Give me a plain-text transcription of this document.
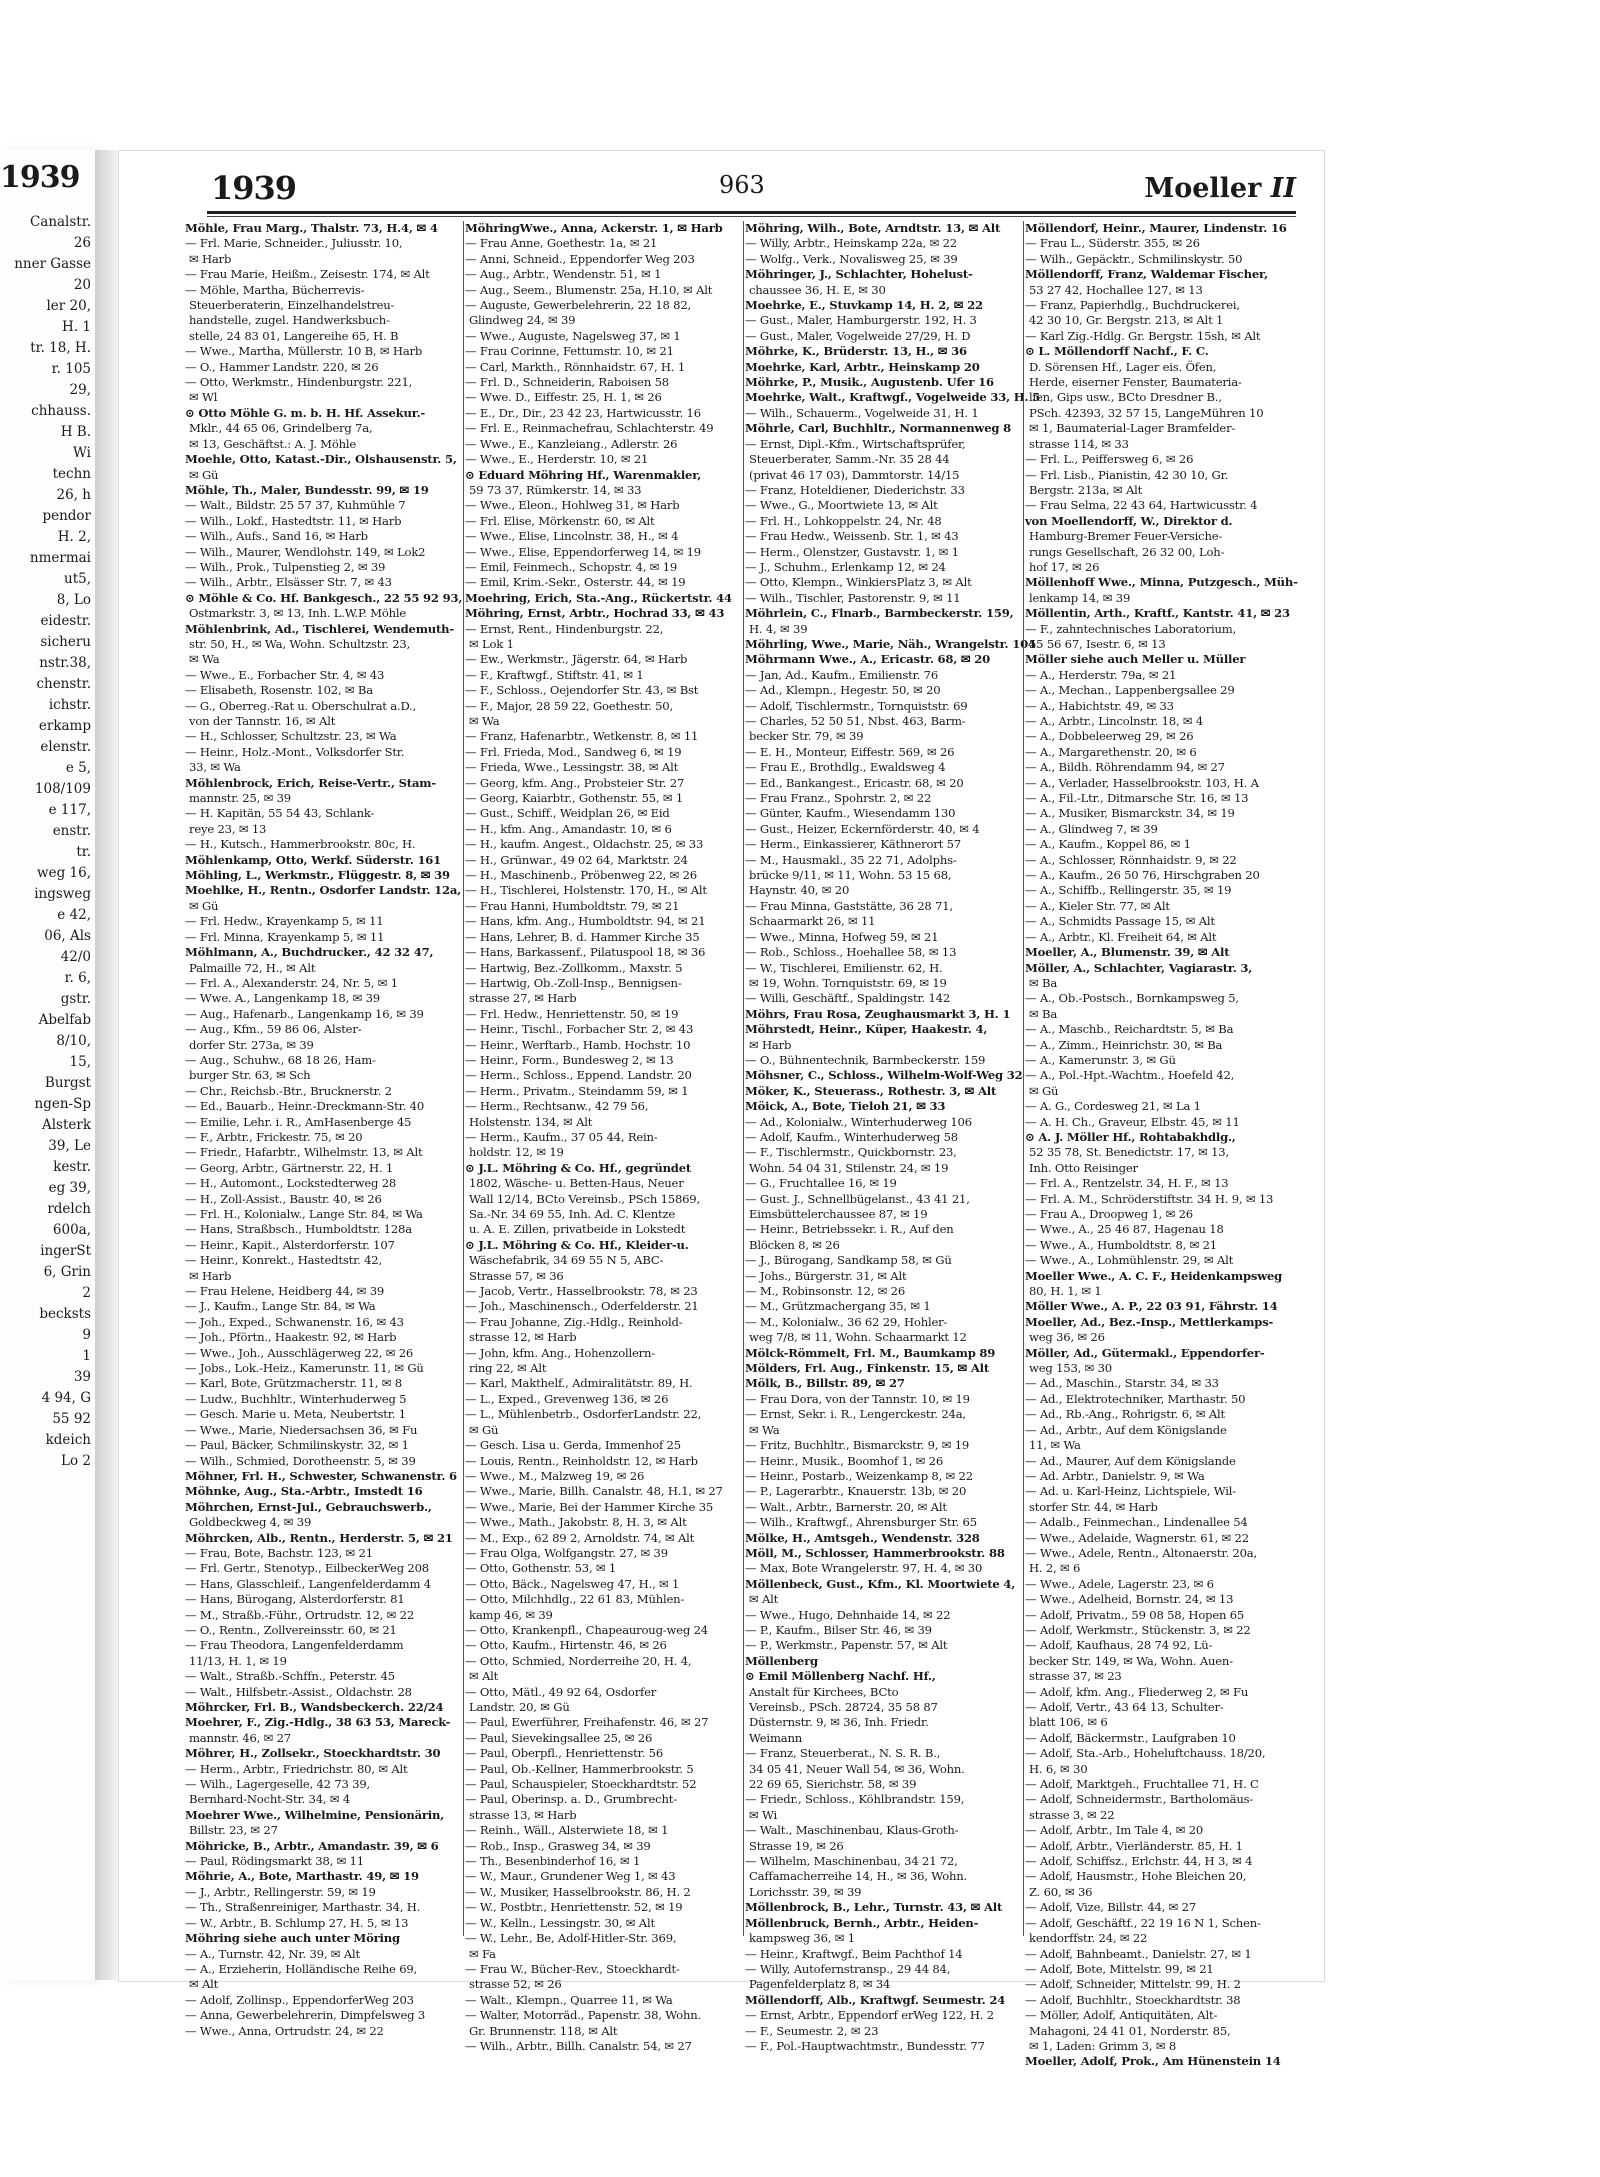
1939
Canalstr.
26
nner Gasse
20
ler 20,
H. 1
tr. 18, H.
r. 105
29,
chhauss.
H B.
Wi
techn
26, h
pendor
H. 2,
nmermai
ut5,
8, Lo
eidestr.
sicheru
nstr.38,
chenstr.
ichstr.
erkamp
elenstr.
e 5,
108/109
e 117,
enstr.
tr.
weg 16,
ingsweg
e 42,
06, Als
42/0
r. 6,
gstr.
Abelfab
8/10,
15,
Burgst
ngen-Sp
Alsterk
39, Le
kestr.
eg 39,
rdelch
600a,
ingerSt
6, Grin
2
becksts
9
1
39
4 94, G
55 92
kdeich
Lo 2
1939	963	Moeller II
Möhle, Frau Marg., Thalstr. 73, H.4, ✉ 4
— Frl. Marie, Schneider., Juliusstr. 10,
✉ Harb
— Frau Marie, Heißm., Zeisestr. 174, ✉ Alt
— Möhle, Martha, Bücherrevis-
Steuerberaterin, Einzelhandelstreu-
handstelle, zugel. Handwerksbuch-
stelle, 24 83 01, Langereihe 65, H. B
— Wwe., Martha, Müllerstr. 10 B, ✉ Harb
— O., Hammer Landstr. 220, ✉ 26
— Otto, Werkmstr., Hindenburgstr. 221,
✉ Wl
⊙ Otto Möhle G. m. b. H. Hf. Assekur.-
Mklr., 44 65 06, Grindelberg 7a,
✉ 13, Geschäftst.: A. J. Möhle
Moehle, Otto, Katast.-Dir., Olshausenstr. 5,
✉ Gü
Möhle, Th., Maler, Bundesstr. 99, ✉ 19
— Walt., Bildstr. 25 57 37, Kuhmühle 7
— Wilh., Lokf., Hastedtstr. 11, ✉ Harb
— Wilh., Aufs., Sand 16, ✉ Harb
— Wilh., Maurer, Wendlohstr. 149, ✉ Lok2
— Wilh., Prok., Tulpenstieg 2, ✉ 39
— Wilh., Arbtr., Elsässer Str. 7, ✉ 43
⊙ Möhle & Co. Hf. Bankgesch., 22 55 92 93,
Ostmarkstr. 3, ✉ 13, Inh. L.W.P. Möhle
Möhlenbrink, Ad., Tischlerei, Wendemuth-
str. 50, H., ✉ Wa, Wohn. Schultzstr. 23,
✉ Wa
— Wwe., E., Forbacher Str. 4, ✉ 43
— Elisabeth, Rosenstr. 102, ✉ Ba
— G., Oberreg.-Rat u. Oberschulrat a.D.,
von der Tannstr. 16, ✉ Alt
— H., Schlosser, Schultzstr. 23, ✉ Wa
— Heinr., Holz.-Mont., Volksdorfer Str.
33, ✉ Wa
Möhlenbrock, Erich, Reise-Vertr., Stam-
mannstr. 25, ✉ 39
— H. Kapitän, 55 54 43, Schlank-
reye 23, ✉ 13
— H., Kutsch., Hammerbrookstr. 80c, H.
Möhlenkamp, Otto, Werkf. Süderstr. 161
Möhling, L., Werkmstr., Flüggestr. 8, ✉ 39
Moehlke, H., Rentn., Osdorfer Landstr. 12a,
✉ Gü
— Frl. Hedw., Krayenkamp 5, ✉ 11
— Frl. Minna, Krayenkamp 5, ✉ 11
Möhlmann, A., Buchdrucker., 42 32 47,
Palmaille 72, H., ✉ Alt
— Frl. A., Alexanderstr. 24, Nr. 5, ✉ 1
— Wwe. A., Langenkamp 18, ✉ 39
— Aug., Hafenarb., Langenkamp 16, ✉ 39
— Aug., Kfm., 59 86 06, Alster-
dorfer Str. 273a, ✉ 39
— Aug., Schuhw., 68 18 26, Ham-
burger Str. 63, ✉ Sch
— Chr., Reichsb.-Btr., Brucknerstr. 2
— Ed., Bauarb., Heinr.-Dreckmann-Str. 40
— Emilie, Lehr. i. R., AmHasenberge 45
— F., Arbtr., Frickestr. 75, ✉ 20
— Friedr., Hafarbtr., Wilhelmstr. 13, ✉ Alt
— Georg, Arbtr., Gärtnerstr. 22, H. 1
— H., Automont., Lockstedterweg 28
— H., Zoll-Assist., Baustr. 40, ✉ 26
— Frl. H., Kolonialw., Lange Str. 84, ✉ Wa
— Hans, Straßbsch., Humboldtstr. 128a
— Heinr., Kapit., Alsterdorferstr. 107
— Heinr., Konrekt., Hastedtstr. 42,
✉ Harb
— Frau Helene, Heidberg 44, ✉ 39
— J., Kaufm., Lange Str. 84, ✉ Wa
— Joh., Exped., Schwanenstr. 16, ✉ 43
— Joh., Pförtn., Haakestr. 92, ✉ Harb
— Wwe., Joh., Ausschlägerweg 22, ✉ 26
— Jobs., Lok.-Heiz., Kamerunstr. 11, ✉ Gü
— Karl, Bote, Grützmacherstr. 11, ✉ 8
— Ludw., Buchhltr., Winterhuderweg 5
— Gesch. Marie u. Meta, Neubertstr. 1
— Wwe., Marie, Niedersachsen 36, ✉ Fu
— Paul, Bäcker, Schmilinskystr. 32, ✉ 1
— Wilh., Schmied, Dorotheenstr. 5, ✉ 39
Möhner, Frl. H., Schwester, Schwanenstr. 6
Möhnke, Aug., Sta.-Arbtr., Imstedt 16
Möhrchen, Ernst-Jul., Gebrauchswerb.,
Goldbeckweg 4, ✉ 39
Möhrcken, Alb., Rentn., Herderstr. 5, ✉ 21
— Frau, Bote, Bachstr. 123, ✉ 21
— Frl. Gertr., Stenotyp., EilbeckerWeg 208
— Hans, Glasschleif., Langenfelderdamm 4
— Hans, Bürogang, Alsterdorferstr. 81
— M., Straßb.-Führ., Ortrudstr. 12, ✉ 22
— O., Rentn., Zollvereinsstr. 60, ✉ 21
— Frau Theodora, Langenfelderdamm
11/13, H. 1, ✉ 19
— Walt., Straßb.-Schffn., Peterstr. 45
— Walt., Hilfsbetr.-Assist., Oldachstr. 28
Möhrcker, Frl. B., Wandsbeckerch. 22/24
Moehrer, F., Zig.-Hdlg., 38 63 53, Mareck-
mannstr. 46, ✉ 27
Möhrer, H., Zollsekr., Stoeckhardtstr. 30
— Herm., Arbtr., Friedrichstr. 80, ✉ Alt
— Wilh., Lagergeselle, 42 73 39,
Bernhard-Nocht-Str. 34, ✉ 4
Moehrer Wwe., Wilhelmine, Pensionärin,
Billstr. 23, ✉ 27
Möhricke, B., Arbtr., Amandastr. 39, ✉ 6
— Paul, Rödingsmarkt 38, ✉ 11
Möhrie, A., Bote, Marthastr. 49, ✉ 19
— J., Arbtr., Rellingerstr. 59, ✉ 19
— Th., Straßenreiniger, Marthastr. 34, H.
— W., Arbtr., B. Schlump 27, H. 5, ✉ 13
Möhring siehe auch unter Möring
— A., Turnstr. 42, Nr. 39, ✉ Alt
— A., Erzieherin, Holländische Reihe 69,
✉ Alt
— Adolf, Zollinsp., EppendorferWeg 203
— Anna, Gewerbelehrerin, Dimpfelsweg 3
— Wwe., Anna, Ortrudstr. 24, ✉ 22
MöhringWwe., Anna, Ackerstr. 1, ✉ Harb
— Frau Anne, Goethestr. 1a, ✉ 21
— Anni, Schneid., Eppendorfer Weg 203
— Aug., Arbtr., Wendenstr. 51, ✉ 1
— Aug., Seem., Blumenstr. 25a, H.10, ✉ Alt
— Auguste, Gewerbelehrerin, 22 18 82,
Glindweg 24, ✉ 39
— Wwe., Auguste, Nagelsweg 37, ✉ 1
— Frau Corinne, Fettumstr. 10, ✉ 21
— Carl, Markth., Rönnhaidstr. 67, H. 1
— Frl. D., Schneiderin, Raboisen 58
— Wwe. D., Eiffestr. 25, H. 1, ✉ 26
— E., Dr., Dir., 23 42 23, Hartwicusstr. 16
— Frl. E., Reinmachefrau, Schlachterstr. 49
— Wwe., E., Kanzleiang., Adlerstr. 26
— Wwe., E., Herderstr. 10, ✉ 21
⊙ Eduard Möhring Hf., Warenmakler,
59 73 37, Rümkerstr. 14, ✉ 33
— Wwe., Eleon., Hohlweg 31, ✉ Harb
— Frl. Elise, Mörkenstr. 60, ✉ Alt
— Wwe., Elise, Lincolnstr. 38, H., ✉ 4
— Wwe., Elise, Eppendorferweg 14, ✉ 19
— Emil, Feinmech., Schopstr. 4, ✉ 19
— Emil, Krim.-Sekr., Osterstr. 44, ✉ 19
Moehring, Erich, Sta.-Ang., Rückertstr. 44
Möhring, Ernst, Arbtr., Hochrad 33, ✉ 43
— Ernst, Rent., Hindenburgstr. 22,
✉ Lok 1
— Ew., Werkmstr., Jägerstr. 64, ✉ Harb
— F., Kraftwgf., Stiftstr. 41, ✉ 1
— F., Schloss., Oejendorfer Str. 43, ✉ Bst
— F., Major, 28 59 22, Goethestr. 50,
✉ Wa
— Franz, Hafenarbtr., Wetkenstr. 8, ✉ 11
— Frl. Frieda, Mod., Sandweg 6, ✉ 19
— Frieda, Wwe., Lessingstr. 38, ✉ Alt
— Georg, kfm. Ang., Probsteier Str. 27
— Georg, Kaiarbtr., Gothenstr. 55, ✉ 1
— Gust., Schiff., Weidplan 26, ✉ Eid
— H., kfm. Ang., Amandastr. 10, ✉ 6
— H., kaufm. Angest., Oldachstr. 25, ✉ 33
— H., Grünwar., 49 02 64, Marktstr. 24
— H., Maschinenb., Pröbenweg 22, ✉ 26
— H., Tischlerei, Holstenstr. 170, H., ✉ Alt
— Frau Hanni, Humboldtstr. 79, ✉ 21
— Hans, kfm. Ang., Humboldtstr. 94, ✉ 21
— Hans, Lehrer, B. d. Hammer Kirche 35
— Hans, Barkassenf., Pilatuspool 18, ✉ 36
— Hartwig, Bez.-Zollkomm., Maxstr. 5
— Hartwig, Ob.-Zoll-Insp., Bennigsen-
strasse 27, ✉ Harb
— Frl. Hedw., Henriettenstr. 50, ✉ 19
— Heinr., Tischl., Forbacher Str. 2, ✉ 43
— Heinr., Werftarb., Hamb. Hochstr. 10
— Heinr., Form., Bundesweg 2, ✉ 13
— Herm., Schloss., Eppend. Landstr. 20
— Herm., Privatm., Steindamm 59, ✉ 1
— Herm., Rechtsanw., 42 79 56,
Holstenstr. 134, ✉ Alt
— Herm., Kaufm., 37 05 44, Rein-
holdstr. 12, ✉ 19
⊙ J.L. Möhring & Co. Hf., gegründet
1802, Wäsche- u. Betten-Haus, Neuer
Wall 12/14, BCto Vereinsb., PSch 15869,
Sa.-Nr. 34 69 55, Inh. Ad. C. Klentze
u. A. E. Zillen, privatbeide in Lokstedt
⊙ J.L. Möhring & Co. Hf., Kleider-u.
Wäschefabrik, 34 69 55 N 5, ABC-
Strasse 57, ✉ 36
— Jacob, Vertr., Hasselbrookstr. 78, ✉ 23
— Joh., Maschinensch., Oderfelderstr. 21
— Frau Johanne, Zig.-Hdlg., Reinhold-
strasse 12, ✉ Harb
— John, kfm. Ang., Hohenzollern-
ring 22, ✉ Alt
— Karl, Makthelf., Admiralitätstr. 89, H.
— L., Exped., Grevenweg 136, ✉ 26
— L., Mühlenbetrb., OsdorferLandstr. 22,
✉ Gü
— Gesch. Lisa u. Gerda, Immenhof 25
— Louis, Rentn., Reinholdstr. 12, ✉ Harb
— Wwe., M., Malzweg 19, ✉ 26
— Wwe., Marie, Billh. Canalstr. 48, H.1, ✉ 27
— Wwe., Marie, Bei der Hammer Kirche 35
— Wwe., Math., Jakobstr. 8, H. 3, ✉ Alt
— M., Exp., 62 89 2, Arnoldstr. 74, ✉ Alt
— Frau Olga, Wolfgangstr. 27, ✉ 39
— Otto, Gothenstr. 53, ✉ 1
— Otto, Bäck., Nagelsweg 47, H., ✉ 1
— Otto, Milchhdlg., 22 61 83, Mühlen-
kamp 46, ✉ 39
— Otto, Krankenpfl., Chapeauroug-weg 24
— Otto, Kaufm., Hirtenstr. 46, ✉ 26
— Otto, Schmied, Norderreihe 20, H. 4,
✉ Alt
— Otto, Mätl., 49 92 64, Osdorfer
Landstr. 20, ✉ Gü
— Paul, Ewerführer, Freihafenstr. 46, ✉ 27
— Paul, Sievekingsallee 25, ✉ 26
— Paul, Oberpfl., Henriettenstr. 56
— Paul, Ob.-Kellner, Hammerbrookstr. 5
— Paul, Schauspieler, Stoeckhardtstr. 52
— Paul, Oberinsp. a. D., Grumbrecht-
strasse 13, ✉ Harb
— Reinh., Wäll., Alsterwiete 18, ✉ 1
— Rob., Insp., Grasweg 34, ✉ 39
— Th., Besenbinderhof 16, ✉ 1
— W., Maur., Grundener Weg 1, ✉ 43
— W., Musiker, Hasselbrookstr. 86, H. 2
— W., Postbtr., Henriettenstr. 52, ✉ 19
— W., Kelln., Lessingstr. 30, ✉ Alt
— W., Lehr., Be, Adolf-Hitler-Str. 369,
✉ Fa
— Frau W., Bücher-Rev., Stoeckhardt-
strasse 52, ✉ 26
— Walt., Klempn., Quarree 11, ✉ Wa
— Walter, Motorräd., Papenstr. 38, Wohn.
Gr. Brunnenstr. 118, ✉ Alt
— Wilh., Arbtr., Billh. Canalstr. 54, ✉ 27
Möhring, Wilh., Bote, Arndtstr. 13, ✉ Alt
— Willy, Arbtr., Heinskamp 22a, ✉ 22
— Wolfg., Verk., Novalisweg 25, ✉ 39
Möhringer, J., Schlachter, Hohelust-
chaussee 36, H. E, ✉ 30
Moehrke, E., Stuvkamp 14, H. 2, ✉ 22
— Gust., Maler, Hamburgerstr. 192, H. 3
— Gust., Maler, Vogelweide 27/29, H. D
Möhrke, K., Brüderstr. 13, H., ✉ 36
Moehrke, Karl, Arbtr., Heinskamp 20
Möhrke, P., Musik., Augustenb. Ufer 16
Moehrke, Walt., Kraftwgf., Vogelweide 33, H. 5
— Wilh., Schauerm., Vogelweide 31, H. 1
Möhrle, Carl, Buchhltr., Normannenweg 8
— Ernst, Dipl.-Kfm., Wirtschaftsprüfer,
Steuerberater, Samm.-Nr. 35 28 44
(privat 46 17 03), Dammtorstr. 14/15
— Franz, Hoteldiener, Diederichstr. 33
— Wwe., G., Moortwiete 13, ✉ Alt
— Frl. H., Lohkoppelstr. 24, Nr. 48
— Frau Hedw., Weissenb. Str. 1, ✉ 43
— Herm., Olenstzer, Gustavstr. 1, ✉ 1
— J., Schuhm., Erlenkamp 12, ✉ 24
— Otto, Klempn., WinkiersPlatz 3, ✉ Alt
— Wilh., Tischler, Pastorenstr. 9, ✉ 11
Möhrlein, C., Flnarb., Barmbeckerstr. 159,
H. 4, ✉ 39
Möhrling, Wwe., Marie, Näh., Wrangelstr. 104
Möhrmann Wwe., A., Ericastr. 68, ✉ 20
— Jan, Ad., Kaufm., Emilienstr. 76
— Ad., Klempn., Hegestr. 50, ✉ 20
— Adolf, Tischlermstr., Tornquiststr. 69
— Charles, 52 50 51, Nbst. 463, Barm-
becker Str. 79, ✉ 39
— E. H., Monteur, Eiffestr. 569, ✉ 26
— Frau E., Brothdlg., Ewaldsweg 4
— Ed., Bankangest., Ericastr. 68, ✉ 20
— Frau Franz., Spohrstr. 2, ✉ 22
— Günter, Kaufm., Wiesendamm 130
— Gust., Heizer, Eckernförderstr. 40, ✉ 4
— Herm., Einkassierer, Käthnerort 57
— M., Hausmakl., 35 22 71, Adolphs-
brücke 9/11, ✉ 11, Wohn. 53 15 68,
Haynstr. 40, ✉ 20
— Frau Minna, Gaststätte, 36 28 71,
Schaarmarkt 26, ✉ 11
— Wwe., Minna, Hofweg 59, ✉ 21
— Rob., Schloss., Hoehallee 58, ✉ 13
— W., Tischlerei, Emilienstr. 62, H.
✉ 19, Wohn. Tornquiststr. 69, ✉ 19
— Willi, Geschäftf., Spaldingstr. 142
Möhrs, Frau Rosa, Zeughausmarkt 3, H. 1
Möhrstedt, Heinr., Küper, Haakestr. 4,
✉ Harb
— O., Bühnentechnik, Barmbeckerstr. 159
Möhsner, C., Schloss., Wilhelm-Wolf-Weg 32
Möker, K., Steuerass., Rothestr. 3, ✉ Alt
Möick, A., Bote, Tieloh 21, ✉ 33
— Ad., Kolonialw., Winterhuderweg 106
— Adolf, Kaufm., Winterhuderweg 58
— F., Tischlermstr., Quickbornstr. 23,
Wohn. 54 04 31, Stilenstr. 24, ✉ 19
— G., Fruchtallee 16, ✉ 19
— Gust. J., Schnellbügelanst., 43 41 21,
Eimsbüttelerchaussee 87, ✉ 19
— Heinr., Betriebssekr. i. R., Auf den
Blöcken 8, ✉ 26
— J., Bürogang, Sandkamp 58, ✉ Gü
— Johs., Bürgerstr. 31, ✉ Alt
— M., Robinsonstr. 12, ✉ 26
— M., Grützmachergang 35, ✉ 1
— M., Kolonialw., 36 62 29, Hohler-
weg 7/8, ✉ 11, Wohn. Schaarmarkt 12
Mölck-Römmelt, Frl. M., Baumkamp 89
Mölders, Frl. Aug., Finkenstr. 15, ✉ Alt
Mölk, B., Billstr. 89, ✉ 27
— Frau Dora, von der Tannstr. 10, ✉ 19
— Ernst, Sekr. i. R., Lengerckestr. 24a,
✉ Wa
— Fritz, Buchhltr., Bismarckstr. 9, ✉ 19
— Heinr., Musik., Boomhof 1, ✉ 26
— Heinr., Postarb., Weizenkamp 8, ✉ 22
— P., Lagerarbtr., Knauerstr. 13b, ✉ 20
— Walt., Arbtr., Barnerstr. 20, ✉ Alt
— Wilh., Kraftwgf., Ahrensburger Str. 65
Mölke, H., Amtsgeh., Wendenstr. 328
Möll, M., Schlosser, Hammerbrookstr. 88
— Max, Bote Wrangelerstr. 97, H. 4, ✉ 30
Möllenbeck, Gust., Kfm., Kl. Moortwiete 4,
✉ Alt
— Wwe., Hugo, Dehnhaide 14, ✉ 22
— P., Kaufm., Bilser Str. 46, ✉ 39
— P., Werkmstr., Papenstr. 57, ✉ Alt
Möllenberg
⊙ Emil Möllenberg Nachf. Hf.,
Anstalt für Kirchees, BCto
Vereinsb., PSch. 28724, 35 58 87
Düsternstr. 9, ✉ 36, Inh. Friedr.
Weimann
— Franz, Steuerberat., N. S. R. B.,
34 05 41, Neuer Wall 54, ✉ 36, Wohn.
22 69 65, Sierichstr. 58, ✉ 39
— Friedr., Schloss., Köhlbrandstr. 159,
✉ Wi
— Walt., Maschinenbau, Klaus-Groth-
Strasse 19, ✉ 26
— Wilhelm, Maschinenbau, 34 21 72,
Caffamacherreihe 14, H., ✉ 36, Wohn.
Lorichsstr. 39, ✉ 39
Möllenbrock, B., Lehr., Turnstr. 43, ✉ Alt
Möllenbruck, Bernh., Arbtr., Heiden-
kampsweg 36, ✉ 1
— Heinr., Kraftwgf., Beim Pachthof 14
— Willy, Autofernstransp., 29 44 84,
Pagenfelderplatz 8, ✉ 34
Möllendorff, Alb., Kraftwgf. Seumestr. 24
— Ernst, Arbtr., Eppendorf erWeg 122, H. 2
— F., Seumestr. 2, ✉ 23
— F., Pol.-Hauptwachtmstr., Bundesstr. 77
Möllendorf, Heinr., Maurer, Lindenstr. 16
— Frau L., Süderstr. 355, ✉ 26
— Wilh., Gepäcktr., Schmilinskystr. 50
Möllendorff, Franz, Waldemar Fischer,
53 27 42, Hochallee 127, ✉ 13
— Franz, Papierhdlg., Buchdruckerei,
42 30 10, Gr. Bergstr. 213, ✉ Alt 1
— Karl Zig.-Hdlg. Gr. Bergstr. 15sh, ✉ Alt
⊙ L. Möllendorff Nachf., F. C.
D. Sörensen Hf., Lager eis. Öfen,
Herde, eiserner Fenster, Baumateria-
lien, Gips usw., BCto Dresdner B.,
PSch. 42393, 32 57 15, LangeMühren 10
✉ 1, Baumaterial-Lager Bramfelder-
strasse 114, ✉ 33
— Frl. L., Peiffersweg 6, ✉ 26
— Frl. Lisb., Pianistin, 42 30 10, Gr.
Bergstr. 213a, ✉ Alt
— Frau Selma, 22 43 64, Hartwicusstr. 4
von Moellendorff, W., Direktor d.
Hamburg-Bremer Feuer-Versiche-
rungs Gesellschaft, 26 32 00, Loh-
hof 17, ✉ 26
Möllenhoff Wwe., Minna, Putzgesch., Müh-
lenkamp 14, ✉ 39
Möllentin, Arth., Kraftf., Kantstr. 41, ✉ 23
— F., zahntechnisches Laboratorium,
55 56 67, Isestr. 6, ✉ 13
Möller siehe auch Meller u. Müller
— A., Herderstr. 79a, ✉ 21
— A., Mechan., Lappenbergsallee 29
— A., Habichtstr. 49, ✉ 33
— A., Arbtr., Lincolnstr. 18, ✉ 4
— A., Dobbeleerweg 29, ✉ 26
— A., Margarethenstr. 20, ✉ 6
— A., Bildh. Röhrendamm 94, ✉ 27
— A., Verlader, Hasselbrookstr. 103, H. A
— A., Fil.-Ltr., Ditmarsche Str. 16, ✉ 13
— A., Musiker, Bismarckstr. 34, ✉ 19
— A., Glindweg 7, ✉ 39
— A., Kaufm., Koppel 86, ✉ 1
— A., Schlosser, Rönnhaidstr. 9, ✉ 22
— A., Kaufm., 26 50 76, Hirschgraben 20
— A., Schiffb., Rellingerstr. 35, ✉ 19
— A., Kieler Str. 77, ✉ Alt
— A., Schmidts Passage 15, ✉ Alt
— A., Arbtr., Kl. Freiheit 64, ✉ Alt
Moeller, A., Blumenstr. 39, ✉ Alt
Möller, A., Schlachter, Vagiarastr. 3,
✉ Ba
— A., Ob.-Postsch., Bornkampsweg 5,
✉ Ba
— A., Maschb., Reichardtstr. 5, ✉ Ba
— A., Zimm., Heinrichstr. 30, ✉ Ba
— A., Kamerunstr. 3, ✉ Gü
— A., Pol.-Hpt.-Wachtm., Hoefeld 42,
✉ Gü
— A. G., Cordesweg 21, ✉ La 1
— A. H. Ch., Graveur, Elbstr. 45, ✉ 11
⊙ A. J. Möller Hf., Rohtabakhdlg.,
52 35 78, St. Benedictstr. 17, ✉ 13,
Inh. Otto Reisinger
— Frl. A., Rentzelstr. 34, H. F., ✉ 13
— Frl. A. M., Schröderstiftstr. 34 H. 9, ✉ 13
— Frau A., Droopweg 1, ✉ 26
— Wwe., A., 25 46 87, Hagenau 18
— Wwe., A., Humboldtstr. 8, ✉ 21
— Wwe., A., Lohmühlenstr. 29, ✉ Alt
Moeller Wwe., A. C. F., Heidenkampsweg
80, H. 1, ✉ 1
Möller Wwe., A. P., 22 03 91, Fährstr. 14
Moeller, Ad., Bez.-Insp., Mettlerkamps-
weg 36, ✉ 26
Möller, Ad., Gütermakl., Eppendorfer-
weg 153, ✉ 30
— Ad., Maschin., Starstr. 34, ✉ 33
— Ad., Elektrotechniker, Marthastr. 50
— Ad., Rb.-Ang., Rohrigstr. 6, ✉ Alt
— Ad., Arbtr., Auf dem Königslande
11, ✉ Wa
— Ad., Maurer, Auf dem Königslande
— Ad. Arbtr., Danielstr. 9, ✉ Wa
— Ad. u. Karl-Heinz, Lichtspiele, Wil-
storfer Str. 44, ✉ Harb
— Adalb., Feinmechan., Lindenallee 54
— Wwe., Adelaide, Wagnerstr. 61, ✉ 22
— Wwe., Adele, Rentn., Altonaerstr. 20a,
H. 2, ✉ 6
— Wwe., Adele, Lagerstr. 23, ✉ 6
— Wwe., Adelheid, Bornstr. 24, ✉ 13
— Adolf, Privatm., 59 08 58, Hopen 65
— Adolf, Werkmstr., Stückenstr. 3, ✉ 22
— Adolf, Kaufhaus, 28 74 92, Lü-
becker Str. 149, ✉ Wa, Wohn. Auen-
strasse 37, ✉ 23
— Adolf, kfm. Ang., Fliederweg 2, ✉ Fu
— Adolf, Vertr., 43 64 13, Schulter-
blatt 106, ✉ 6
— Adolf, Bäckermstr., Laufgraben 10
— Adolf, Sta.-Arb., Hoheluftchauss. 18/20,
H. 6, ✉ 30
— Adolf, Marktgeh., Fruchtallee 71, H. C
— Adolf, Schneidermstr., Bartholomäus-
strasse 3, ✉ 22
— Adolf, Arbtr., Im Tale 4, ✉ 20
— Adolf, Arbtr., Vierländerstr. 85, H. 1
— Adolf, Schiffsz., Erlchstr. 44, H 3, ✉ 4
— Adolf, Hausmstr., Hohe Bleichen 20,
Z. 60, ✉ 36
— Adolf, Vize, Billstr. 44, ✉ 27
— Adolf, Geschäftf., 22 19 16 N 1, Schen-
kendorffstr. 24, ✉ 22
— Adolf, Bahnbeamt., Danielstr. 27, ✉ 1
— Adolf, Bote, Mittelstr. 99, ✉ 21
— Adolf, Schneider, Mittelstr. 99, H. 2
— Adolf, Buchhltr., Stoeckhardtstr. 38
— Möller, Adolf, Antiquitäten, Alt-
Mahagoni, 24 41 01, Norderstr. 85,
✉ 1, Laden: Grimm 3, ✉ 8
Moeller, Adolf, Prok., Am Hünenstein 14
